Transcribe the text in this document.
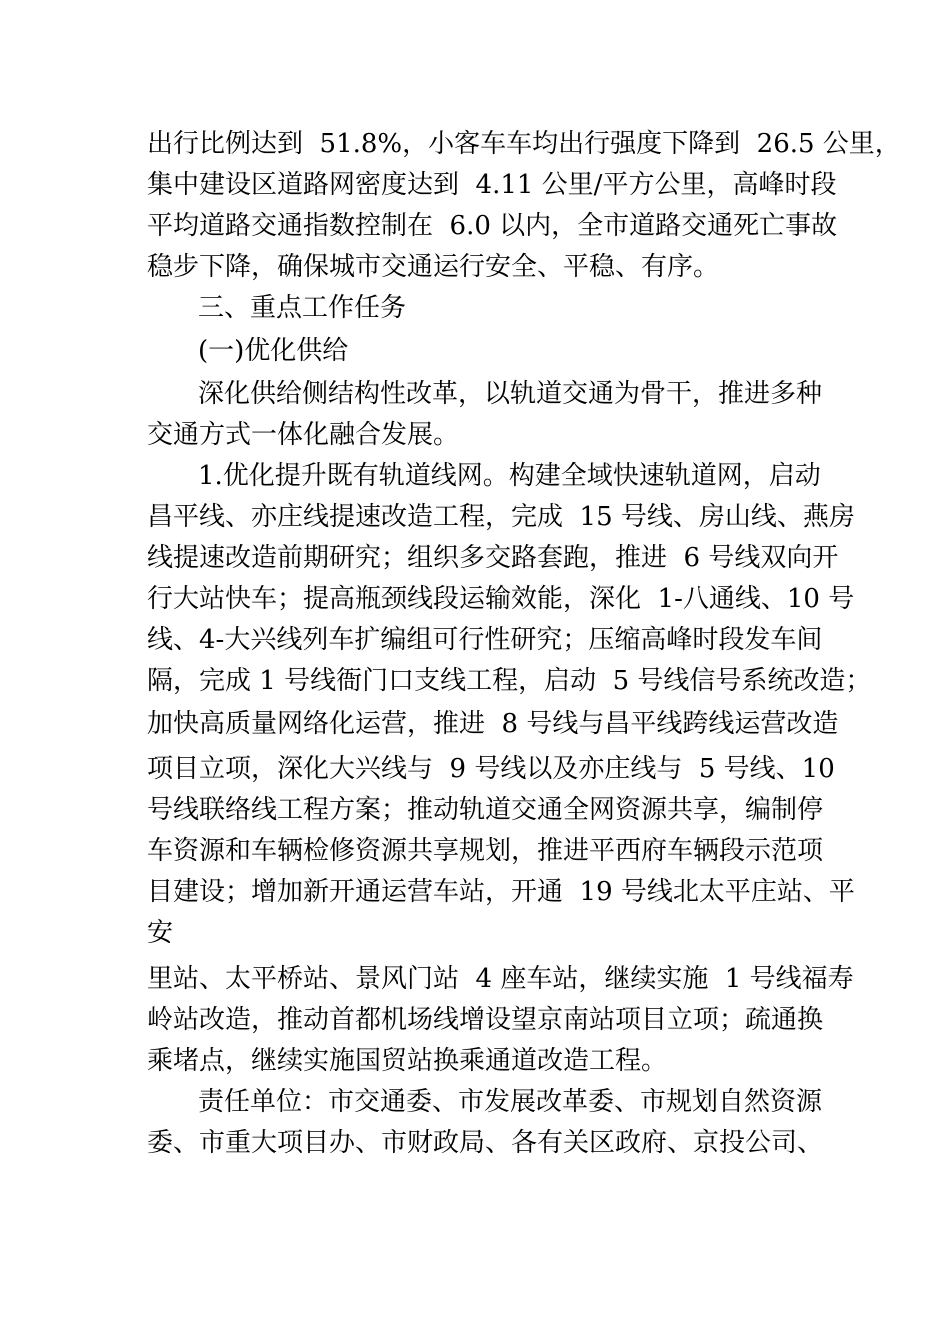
出行比例达到  51.8%，小客车车均出行强度下降到  26.5 公里，
集中建设区道路网密度达到  4.11 公里/平方公里，高峰时段
平均道路交通指数控制在  6.0 以内，全市道路交通死亡事故
稳步下降，确保城市交通运行安全、平稳、有序。
三、重点工作任务
(一)优化供给
深化供给侧结构性改革，以轨道交通为骨干，推进多种
交通方式一体化融合发展。
1.优化提升既有轨道线网。构建全域快速轨道网，启动
昌平线、亦庄线提速改造工程，完成  15 号线、房山线、燕房
线提速改造前期研究；组织多交路套跑，推进  6 号线双向开
行大站快车；提高瓶颈线段运输效能，深化  1-八通线、10 号
线、4-大兴线列车扩编组可行性研究；压缩高峰时段发车间
隔，完成 1 号线衙门口支线工程，启动  5 号线信号系统改造；
加快高质量网络化运营，推进  8 号线与昌平线跨线运营改造
项目立项，深化大兴线与  9 号线以及亦庄线与  5 号线、10
号线联络线工程方案；推动轨道交通全网资源共享，编制停
车资源和车辆检修资源共享规划，推进平西府车辆段示范项
目建设；增加新开通运营车站，开通  19 号线北太平庄站、平
安
里站、太平桥站、景风门站  4 座车站，继续实施  1 号线福寿
岭站改造，推动首都机场线增设望京南站项目立项；疏通换
乘堵点，继续实施国贸站换乘通道改造工程。
责任单位：市交通委、市发展改革委、市规划自然资源
委、市重大项目办、市财政局、各有关区政府、京投公司、
